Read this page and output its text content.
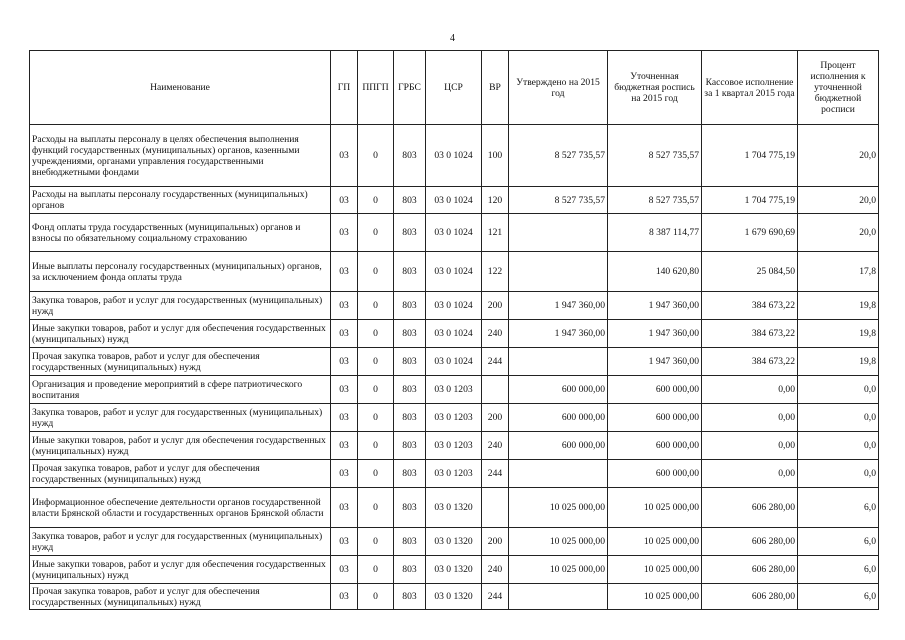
4
Наименование	ГП	ППГП	ГРБС	ЦСР	ВР	Утверждено на 2015 год	Уточненная бюджетная роспись на 2015 год	Кассовое исполнение за 1 квартал 2015 года	Процент исполнения к уточненной бюджетной росписи
Расходы на выплаты персоналу в целях обеспечения выполнения функций государственных (муниципальных) органов, казенными учреждениями, органами управления государственными внебюджетными фондами	03	0	803	03 0 1024	100	8 527 735,57	8 527 735,57	1 704 775,19	20,0
Расходы на выплаты персоналу государственных (муниципальных) органов	03	0	803	03 0 1024	120	8 527 735,57	8 527 735,57	1 704 775,19	20,0
Фонд оплаты труда государственных (муниципальных) органов и взносы по обязательному социальному страхованию	03	0	803	03 0 1024	121		8 387 114,77	1 679 690,69	20,0
Иные выплаты персоналу государственных (муниципальных) органов, за исключением фонда оплаты труда	03	0	803	03 0 1024	122		140 620,80	25 084,50	17,8
Закупка товаров, работ и услуг для государственных (муниципальных) нужд	03	0	803	03 0 1024	200	1 947 360,00	1 947 360,00	384 673,22	19,8
Иные закупки товаров, работ и услуг для обеспечения государственных (муниципальных) нужд	03	0	803	03 0 1024	240	1 947 360,00	1 947 360,00	384 673,22	19,8
Прочая закупка товаров, работ и услуг для обеспечения государственных (муниципальных) нужд	03	0	803	03 0 1024	244		1 947 360,00	384 673,22	19,8
Организация и проведение мероприятий в сфере патриотического воспитания	03	0	803	03 0 1203		600 000,00	600 000,00	0,00	0,0
Закупка товаров, работ и услуг для государственных (муниципальных) нужд	03	0	803	03 0 1203	200	600 000,00	600 000,00	0,00	0,0
Иные закупки товаров, работ и услуг для обеспечения государственных (муниципальных) нужд	03	0	803	03 0 1203	240	600 000,00	600 000,00	0,00	0,0
Прочая закупка товаров, работ и услуг для обеспечения государственных (муниципальных) нужд	03	0	803	03 0 1203	244		600 000,00	0,00	0,0
Информационное обеспечение деятельности органов государственной власти Брянской области и государственных органов Брянской области	03	0	803	03 0 1320		10 025 000,00	10 025 000,00	606 280,00	6,0
Закупка товаров, работ и услуг для государственных (муниципальных) нужд	03	0	803	03 0 1320	200	10 025 000,00	10 025 000,00	606 280,00	6,0
Иные закупки товаров, работ и услуг для обеспечения государственных (муниципальных) нужд	03	0	803	03 0 1320	240	10 025 000,00	10 025 000,00	606 280,00	6,0
Прочая закупка товаров, работ и услуг для обеспечения государственных (муниципальных) нужд	03	0	803	03 0 1320	244		10 025 000,00	606 280,00	6,0
